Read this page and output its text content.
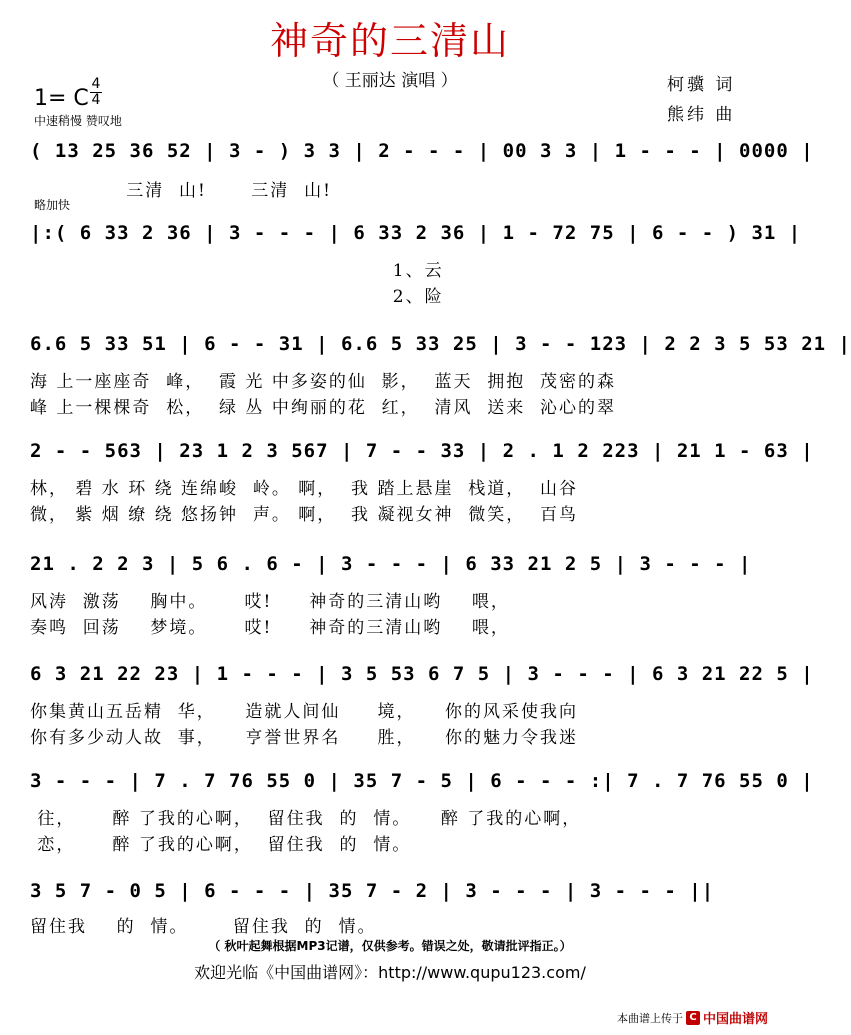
神奇的三清山
（ 王丽达 演唱 ）	柯骥 词
熊纬 曲
1= C
4
4
中速稍慢 赞叹地
略加快
( 13 25 36 52 | 3 - ) 3 3 | 2 - - - | 00 3 3 | 1 - - - | 0000 |
三清  山!      三清  山!
|:( 6 33 2 36 | 3 - - - | 6 33 2 36 | 1 - 72 75 | 6 - - ) 31 |
1、云
2、险
6.6 5 33 51 | 6 - - 31 | 6.6 5 33 25 | 3 - - 123 | 2 2 3 5 53 21 |
海 上一座座奇  峰，  霞 光 中多姿的仙  影，  蓝天  拥抱  茂密的森
峰 上一棵棵奇  松，  绿 丛 中绚丽的花  红，  清风  送来  沁心的翠
2 - - 563 | 23 1 2 3 567 | 7 - - 33 | 2 . 1 2 223 | 21 1 - 63 |
林， 碧 水 环 绕 连绵峻  岭。 啊，  我 踏上悬崖  栈道，  山谷
微， 紫 烟 缭 绕 悠扬钟  声。 啊，  我 凝视女神  微笑，  百鸟
21 . 2 2 3 | 5 6 . 6 - | 3 - - - | 6 33 21 2 5 | 3 - - - |
风涛  激荡    胸中。     哎!     神奇的三清山哟    喂，
奏鸣  回荡    梦境。     哎!     神奇的三清山哟    喂，
6 3 21 22 23 | 1 - - - | 3 5 53 6 7 5 | 3 - - - | 6 3 21 22 5 |
你集黄山五岳精  华，    造就人间仙     境，    你的风采使我向
你有多少动人故  事，    亨誉世界名     胜，    你的魅力令我迷
3 - - - | 7 . 7 76 55 0 | 35 7 - 5 | 6 - - - :| 7 . 7 76 55 0 |
往，     醉 了我的心啊，  留住我  的  情。    醉 了我的心啊，
恋，     醉 了我的心啊，  留住我  的  情。
3 5 7 - 0 5 | 6 - - - | 35 7 - 2 | 3 - - - | 3 - - - ||
留住我    的  情。      留住我  的  情。
（ 秋叶起舞根据MP3记谱，仅供参考。错误之处，敬请批评指正。）
欢迎光临《中国曲谱网》：http://www.qupu123.com/
本曲谱上传于 C 中国曲谱网
